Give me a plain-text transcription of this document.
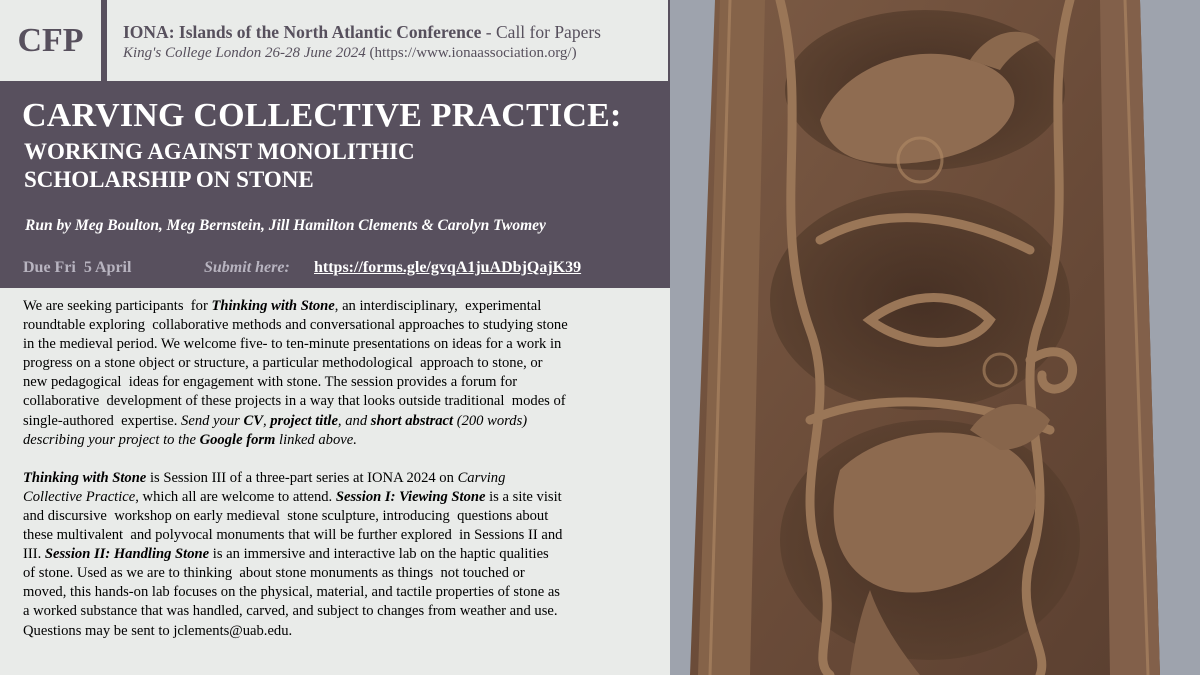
CFP IONA: Islands of the North Atlantic Conference - Call for Papers
King's College London 26-28 June 2024 (https://www.ionaassociation.org/)
CARVING COLLECTIVE PRACTICE:
WORKING AGAINST MONOLITHIC
SCHOLARSHIP ON STONE
Run by Meg Boulton, Meg Bernstein, Jill Hamilton Clements & Carolyn Twomey
Due Fri  5 April	Submit here: https://forms.gle/gvqA1juADbjQajK39

We are seeking participants  for Thinking with Stone, an interdisciplinary,  experimental
roundtable exploring  collaborative methods and conversational approaches to studying stone
in the medieval period. We welcome five- to ten-minute presentations on ideas for a work in
progress on a stone object or structure, a particular methodological  approach to stone, or
new pedagogical  ideas for engagement with stone. The session provides a forum for
collaborative  development of these projects in a way that looks outside traditional  modes of
single-authored  expertise. Send your CV, project title, and short abstract (200 words)
describing your project to the Google form linked above.

Thinking with Stone is Session III of a three-part series at IONA 2024 on Carving
Collective Practice, which all are welcome to attend. Session I: Viewing Stone is a site visit
and discursive  workshop on early medieval  stone sculpture, introducing  questions about
these multivalent  and polyvocal monuments that will be further explored  in Sessions II and
III. Session II: Handling Stone is an immersive and interactive lab on the haptic qualities
of stone. Used as we are to thinking  about stone monuments as things  not touched or
moved, this hands-on lab focuses on the physical, material, and tactile properties of stone as
a worked substance that was handled, carved, and subject to changes from weather and use.
Questions may be sent to jclements@uab.edu.
